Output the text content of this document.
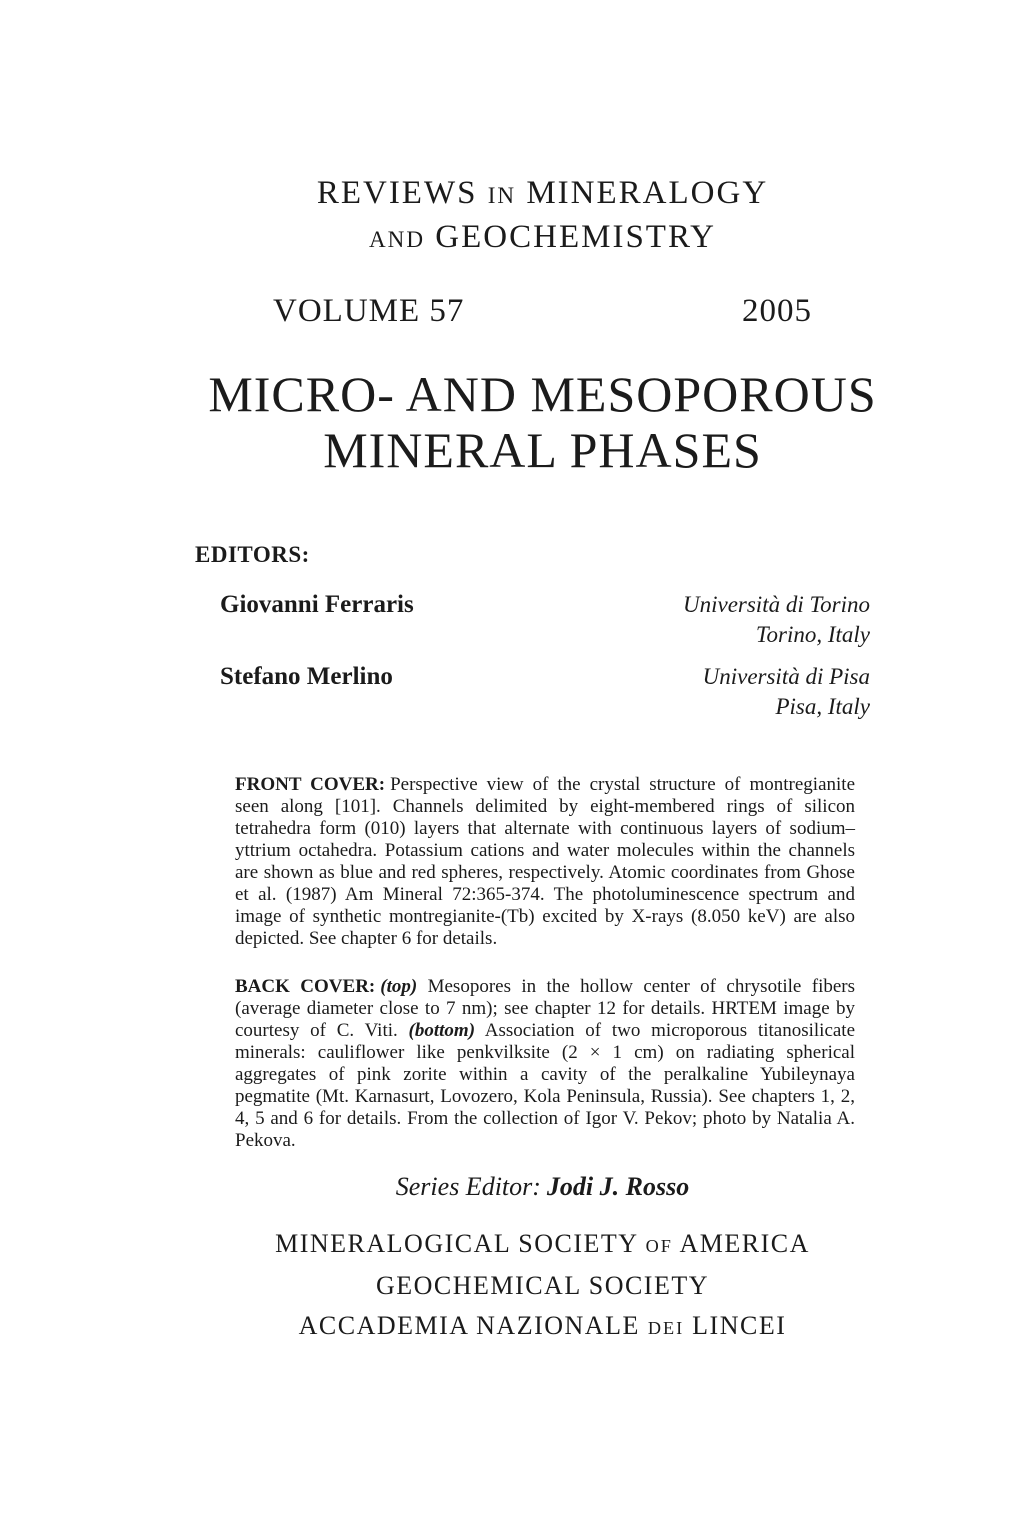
REVIEWS IN MINERALOGY
AND GEOCHEMISTRY
VOLUME 57	2005
MICRO- AND MESOPOROUS
MINERAL PHASES
EDITORS:
Giovanni Ferraris	Università di Torino
Torino, Italy
Stefano Merlino	Università di Pisa
Pisa, Italy

FRONT COVER: Perspective view of the crystal structure of montregianite seen along [101]. Channels delimited by eight-membered rings of silicon tetrahedra form (010) layers that alternate with continuous layers of sodium–yttrium octahedra. Potassium cations and water molecules within the channels are shown as blue and red spheres, respectively. Atomic coordinates from Ghose et al. (1987) Am Mineral 72:365-374. The photoluminescence spectrum and image of synthetic montregianite-(Tb) excited by X-rays (8.050 keV) are also depicted. See chapter 6 for details.

BACK COVER: (top) Mesopores in the hollow center of chrysotile fibers (average diameter close to 7 nm); see chapter 12 for details. HRTEM image by courtesy of C. Viti. (bottom) Association of two microporous titanosilicate minerals: cauliflower like penkvilksite (2 × 1 cm) on radiating spherical aggregates of pink zorite within a cavity of the peralkaline Yubileynaya pegmatite (Mt. Karnasurt, Lovozero, Kola Peninsula, Russia). See chapters 1, 2, 4, 5 and 6 for details. From the collection of Igor V. Pekov; photo by Natalia A. Pekova.

Series Editor: Jodi J. Rosso
MINERALOGICAL SOCIETY OF AMERICA
GEOCHEMICAL SOCIETY
ACCADEMIA NAZIONALE DEI LINCEI
